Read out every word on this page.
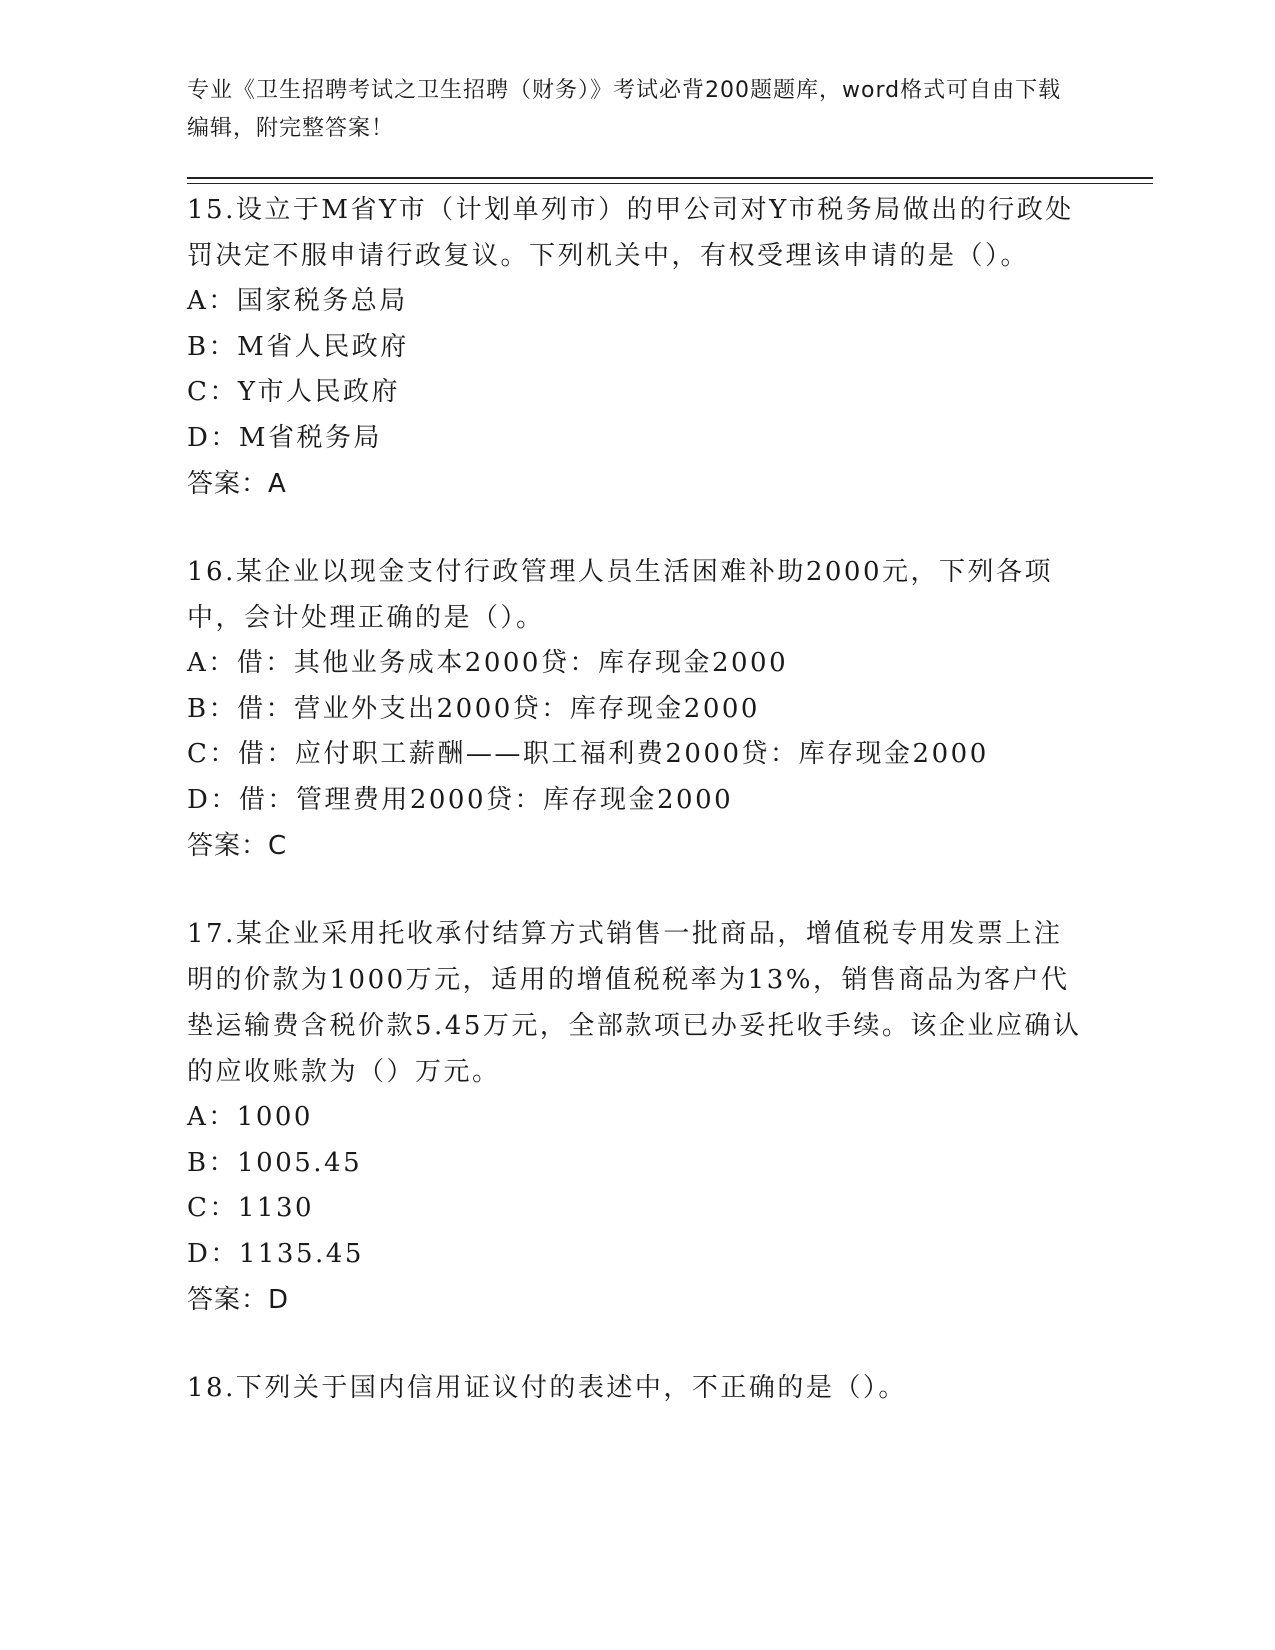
专业《卫生招聘考试之卫生招聘（财务）》考试必背200题题库，word格式可自由下载编辑，附完整答案！

15.设立于M省Y市（计划单列市）的甲公司对Y市税务局做出的行政处罚决定不服申请行政复议。下列机关中，有权受理该申请的是（）。

A：国家税务总局
B：M省人民政府
C：Y市人民政府
D：M省税务局
答案：A

16.某企业以现金支付行政管理人员生活困难补助2000元，下列各项中，会计处理正确的是（）。

A：借：其他业务成本2000贷：库存现金2000
B：借：营业外支出2000贷：库存现金2000
C：借：应付职工薪酬——职工福利费2000贷：库存现金2000
D：借：管理费用2000贷：库存现金2000
答案：C

17.某企业采用托收承付结算方式销售一批商品，增值税专用发票上注明的价款为1000万元，适用的增值税税率为13%，销售商品为客户代垫运输费含税价款5.45万元，全部款项已办妥托收手续。该企业应确认的应收账款为（）万元。

A：1000
B：1005.45
C：1130
D：1135.45
答案：D

18.下列关于国内信用证议付的表述中，不正确的是（）。
